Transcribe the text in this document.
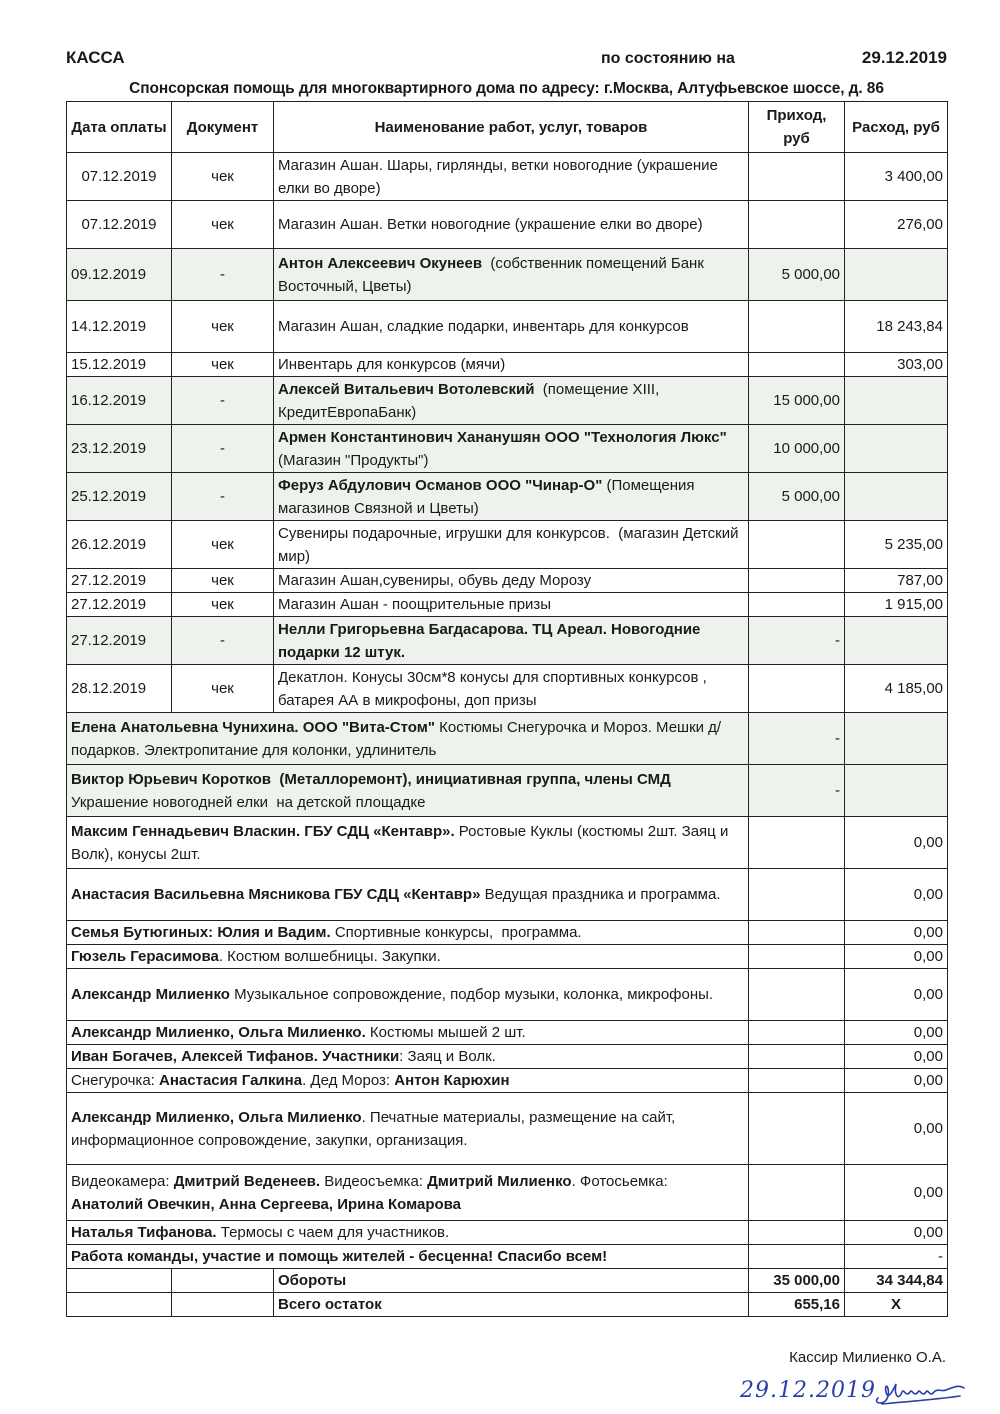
КАССА	по состоянию на	29.12.2019
Спонсорская помощь для многоквартирного дома по адресу: г.Москва, Алтуфьевское шоссе, д. 86
Дата оплаты	Документ	Наименование работ, услуг, товаров	Приход, руб	Расход, руб
07.12.2019	чек	Магазин Ашан. Шары, гирлянды, ветки новогодние (украшение елки во дворе)		3 400,00
07.12.2019	чек	Магазин Ашан. Ветки новогодние (украшение елки во дворе)		276,00
09.12.2019	-	Антон Алексеевич Окунеев  (собственник помещений Банк Восточный, Цветы)	5 000,00	
14.12.2019	чек	Магазин Ашан, сладкие подарки, инвентарь для конкурсов		18 243,84
15.12.2019	чек	Инвентарь для конкурсов (мячи)		303,00
16.12.2019	-	Алексей Витальевич Вотолевский  (помещение XIII, КредитЕвропаБанк)	15 000,00	
23.12.2019	-	Армен Константинович Хананушян ООО "Технология Люкс"  (Магазин "Продукты")	10 000,00	
25.12.2019	-	Феруз Абдулович Османов ООО "Чинар-О" (Помещения магазинов Связной и Цветы)	5 000,00	
26.12.2019	чек	Сувениры подарочные, игрушки для конкурсов.  (магазин Детский мир)		5 235,00
27.12.2019	чек	Магазин Ашан,сувениры, обувь деду Морозу		787,00
27.12.2019	чек	Магазин Ашан - поощрительные призы		1 915,00
27.12.2019	-	Нелли Григорьевна Багдасарова. ТЦ Ареал. Новогодние подарки 12 штук.	-	
28.12.2019	чек	Декатлон. Конусы 30см*8 конусы для спортивных конкурсов , батарея АА в микрофоны, доп призы		4 185,00
Елена Анатольевна Чунихина. ООО "Вита-Стом" Костюмы Снегурочка и Мороз. Мешки д/подарков. Электропитание для колонки, удлинитель			-	
Виктор Юрьевич Коротков  (Металлоремонт), инициативная группа, члены СМД Украшение новогодней елки  на детской площадке			-	
Максим Геннадьевич Власкин. ГБУ СДЦ «Кентавр». Ростовые Куклы (костюмы 2шт. Заяц и Волк), конусы 2шт.				0,00
Анастасия Васильевна Мясникова ГБУ СДЦ «Кентавр» Ведущая праздника и программа.				0,00
Семья Бутюгиных: Юлия и Вадим. Спортивные конкурсы,  программа.				0,00
Гюзель Герасимова. Костюм волшебницы. Закупки.				0,00
Александр Милиенко Музыкальное сопровождение, подбор музыки, колонка, микрофоны.				0,00
Александр Милиенко, Ольга Милиенко. Костюмы мышей 2 шт.				0,00
Иван Богачев, Алексей Тифанов. Участники: Заяц и Волк.				0,00
Снегурочка: Анастасия Галкина. Дед Мороз: Антон Карюхин				0,00
Александр Милиенко, Ольга Милиенко. Печатные материалы, размещение на сайт, информационное сопровождение, закупки, организация.				0,00
Видеокамера: Дмитрий Веденеев. Видеосъемка: Дмитрий Милиенко. Фотосьемка: Анатолий Овечкин, Анна Сергеева, Ирина Комарова				0,00
Наталья Тифанова. Термосы с чаем для участников.				0,00
Работа команды, участие и помощь жителей - бесценна! Спасибо всем!				-
		Обороты	35 000,00	34 344,84
		Всего остаток	655,16	X
Кассир Милиенко О.А.
29.12.2019
